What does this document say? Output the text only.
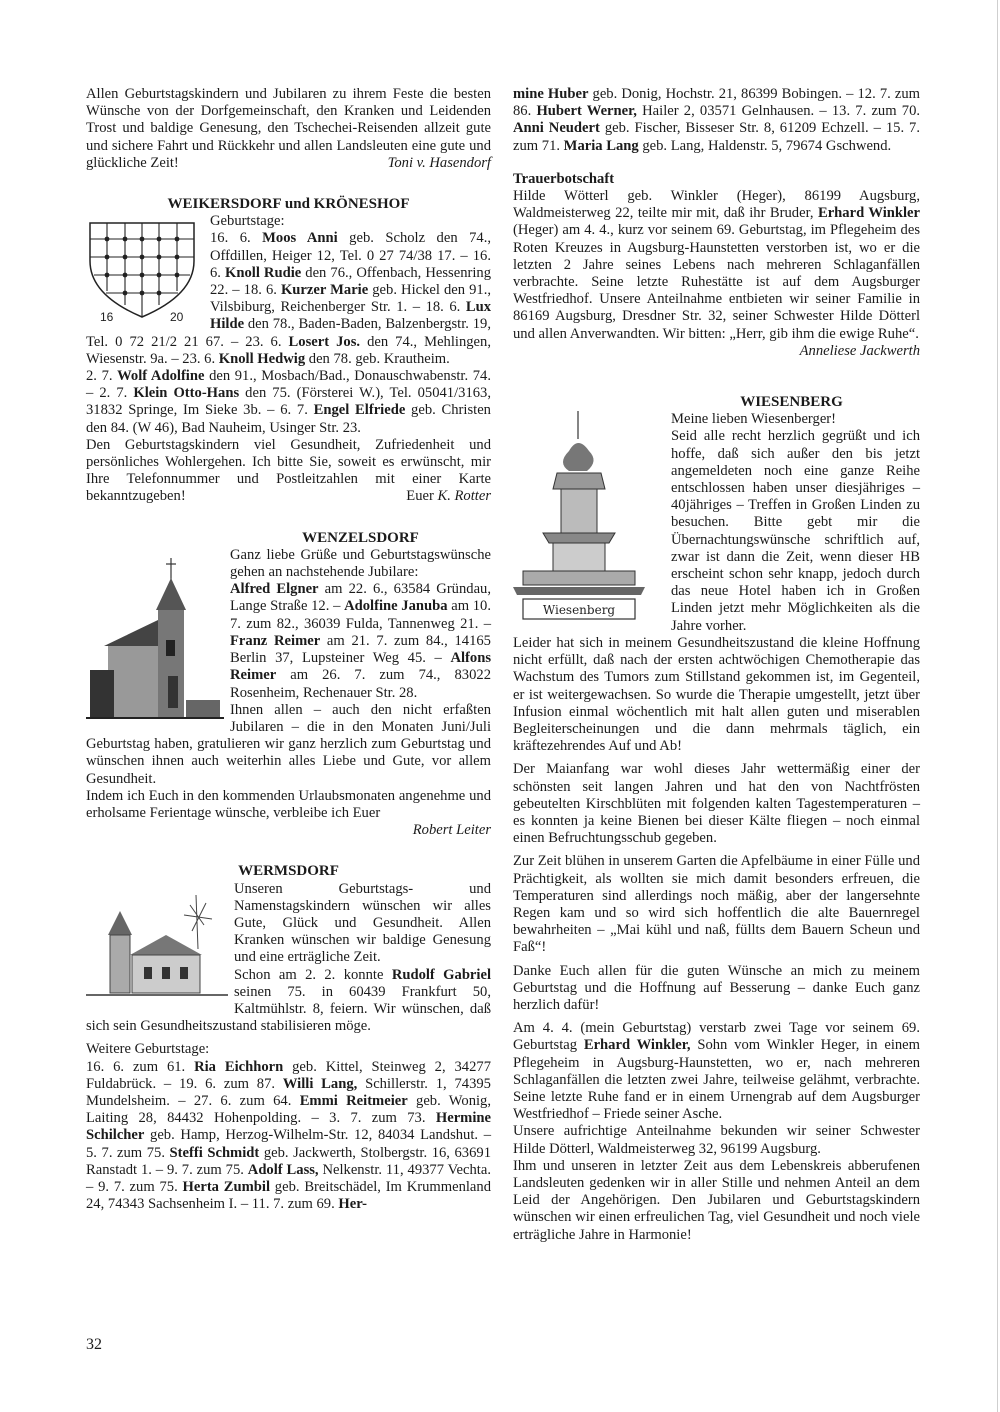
Allen Geburtstagskindern und Jubilaren zu ihrem Feste die besten Wünsche von der Dorfgemeinschaft, den Kranken und Leidenden Trost und baldige Genesung, den Tschechei-Reisenden allzeit gute und sichere Fahrt und Rückkehr und allen Landsleuten eine gute und glückliche Zeit!	Toni v. Hasendorf

WEIKERSDORF und KRÖNESHOF

16	20

Geburtstage:

16. 6. Moos Anni geb. Scholz den 74., Offdillen, Heiger 12, Tel. 0 27 74/38 17. – 16. 6. Knoll Rudie den 76., Offenbach, Hessenring 22. – 18. 6. Kurzer Marie geb. Hickel den 91., Vilsbiburg, Reichenberger Str. 1. – 18. 6. Lux Hilde den 78., Baden-Baden, Balzenbergstr. 19, Tel. 0 72 21/2 21 67. – 23. 6. Losert Jos. den 74., Mehlingen, Wiesenstr. 9a. – 23. 6. Knoll Hedwig den 78. geb. Krautheim.

2. 7. Wolf Adolfine den 91., Mosbach/Bad., Donauschwabenstr. 74. – 2. 7. Klein Otto-Hans den 75. (Försterei W.), Tel. 05041/3163, 31832 Springe, Im Sieke 3b. – 6. 7. Engel Elfriede geb. Christen den 84. (W 46), Bad Nauheim, Usinger Str. 23.

Den Geburtstagskindern viel Gesundheit, Zufriedenheit und persönliches Wohlergehen. Ich bitte Sie, soweit es erwünscht, mir Ihre Telefonnummer und Postleitzahlen mit einer Karte bekanntzugeben!	Euer K. Rotter

WENZELSDORF

Ganz liebe Grüße und Geburtstagswünsche gehen an nachstehende Jubilare:

Alfred Elgner am 22. 6., 63584 Gründau, Lange Straße 12. – Adolfine Januba am 10. 7. zum 82., 36039 Fulda, Tannenweg 21. – Franz Reimer am 21. 7. zum 84., 14165 Berlin 37, Lupsteiner Weg 45. – Alfons Reimer am 26. 7. zum 74., 83022 Rosenheim, Rechenauer Str. 28.

Ihnen allen – auch den nicht erfaßten Jubilaren – die in den Monaten Juni/Juli Geburtstag haben, gratulieren wir ganz herzlich zum Geburtstag und wünschen ihnen auch weiterhin alles Liebe und Gute, vor allem Gesundheit.

Indem ich Euch in den kommenden Urlaubsmonaten angenehme und erholsame Ferientage wünsche, verbleibe ich Euer

Robert Leiter

WERMSDORF

Unseren Geburtstags- und Namenstagskindern wünschen wir alles Gute, Glück und Gesundheit. Allen Kranken wünschen wir baldige Genesung und eine erträgliche Zeit.

Schon am 2. 2. konnte Rudolf Gabriel seinen 75. in 60439 Frankfurt 50, Kaltmühlstr. 8, feiern. Wir wünschen, daß sich sein Gesundheitszustand stabilisieren möge.

Weitere Geburtstage:

16. 6. zum 61. Ria Eichhorn geb. Kittel, Steinweg 2, 34277 Fuldabrück. – 19. 6. zum 87. Willi Lang, Schillerstr. 1, 74395 Mundelsheim. – 27. 6. zum 64. Emmi Reitmeier geb. Wonig, Laiting 28, 84432 Hohenpolding. – 3. 7. zum 73. Hermine Schilcher geb. Hamp, Herzog-Wilhelm-Str. 12, 84034 Landshut. – 5. 7. zum 75. Steffi Schmidt geb. Jackwerth, Stolbergstr. 16, 63691 Ranstadt 1. – 9. 7. zum 75. Adolf Lass, Nelkenstr. 11, 49377 Vechta. – 9. 7. zum 75. Herta Zumbil geb. Breitschädel, Im Krummenland 24, 74343 Sachsenheim I. – 11. 7. zum 69. Her-

mine Huber geb. Donig, Hochstr. 21, 86399 Bobingen. – 12. 7. zum 86. Hubert Werner, Hailer 2, 03571 Gelnhausen. – 13. 7. zum 70. Anni Neudert geb. Fischer, Bisseser Str. 8, 61209 Echzell. – 15. 7. zum 71. Maria Lang geb. Lang, Haldenstr. 5, 79674 Gschwend.

Trauerbotschaft

Hilde Wötterl geb. Winkler (Heger), 86199 Augsburg, Waldmeisterweg 22, teilte mir mit, daß ihr Bruder, Erhard Winkler (Heger) am 4. 4., kurz vor seinem 69. Geburtstag, im Pflegeheim des Roten Kreuzes in Augsburg-Haunstetten verstorben ist, wo er die letzten 2 Jahre seines Lebens nach mehreren Schlaganfällen verbrachte. Seine letzte Ruhestätte ist auf dem Augsburger Westfriedhof. Unsere Anteilnahme entbieten wir seiner Familie in 86169 Augsburg, Dresdner Str. 32, seiner Schwester Hilde Dötterl und allen Anverwandten. Wir bitten: „Herr, gib ihm die ewige Ruhe“.
Anneliese Jackwerth

WIESENBERG

Wiesenberg

Meine lieben Wiesenberger!

Seid alle recht herzlich gegrüßt und ich hoffe, daß sich außer den bis jetzt angemeldeten noch eine ganze Reihe entschlossen haben unser diesjähriges – 40jähriges – Treffen in Großen Linden zu besuchen. Bitte gebt mir die Übernachtungswünsche schriftlich auf, zwar ist dann die Zeit, wenn dieser HB erscheint schon sehr knapp, jedoch durch das neue Hotel haben ich in Großen Linden jetzt mehr Möglichkeiten als die Jahre vorher.

Leider hat sich in meinem Gesundheitszustand die kleine Hoffnung nicht erfüllt, daß nach der ersten achtwöchigen Chemotherapie das Wachstum des Tumors zum Stillstand gekommen ist, im Gegenteil, er ist weitergewachsen. So wurde die Therapie umgestellt, jetzt über Infusion einmal wöchentlich mit halt allen guten und miserablen Begleiterscheinungen und die dann mehrmals täglich, ein kräftezehrendes Auf und Ab!

Der Maianfang war wohl dieses Jahr wettermäßig einer der schönsten seit langen Jahren und hat den von Nachtfrösten gebeutelten Kirschblüten mit folgenden kalten Tagestemperaturen – es konnten ja keine Bienen bei dieser Kälte fliegen – noch einmal einen Befruchtungsschub gegeben.

Zur Zeit blühen in unserem Garten die Apfelbäume in einer Fülle und Prächtigkeit, als wollten sie mich damit besonders erfreuen, die Temperaturen sind allerdings noch mäßig, aber der langersehnte Regen kam und so wird sich hoffentlich die alte Bauernregel bewahrheiten – „Mai kühl und naß, füllts dem Bauern Scheun und Faß“!

Danke Euch allen für die guten Wünsche an mich zu meinem Geburtstag und die Hoffnung auf Besserung – danke Euch ganz herzlich dafür!

Am 4. 4. (mein Geburtstag) verstarb zwei Tage vor seinem 69. Geburtstag Erhard Winkler, Sohn vom Winkler Heger, in einem Pflegeheim in Augsburg-Haunstetten, wo er, nach mehreren Schlaganfällen die letzten zwei Jahre, teilweise gelähmt, verbrachte. Seine letzte Ruhe fand er in einem Urnengrab auf dem Augsburger Westfriedhof – Friede seiner Asche.

Unsere aufrichtige Anteilnahme bekunden wir seiner Schwester Hilde Dötterl, Waldmeisterweg 32, 96199 Augsburg.

Ihm und unseren in letzter Zeit aus dem Lebenskreis abberufenen Landsleuten gedenken wir in aller Stille und nehmen Anteil an dem Leid der Angehörigen. Den Jubilaren und Geburtstagskindern wünschen wir einen erfreulichen Tag, viel Gesundheit und noch viele erträgliche Jahre in Harmonie!

32
